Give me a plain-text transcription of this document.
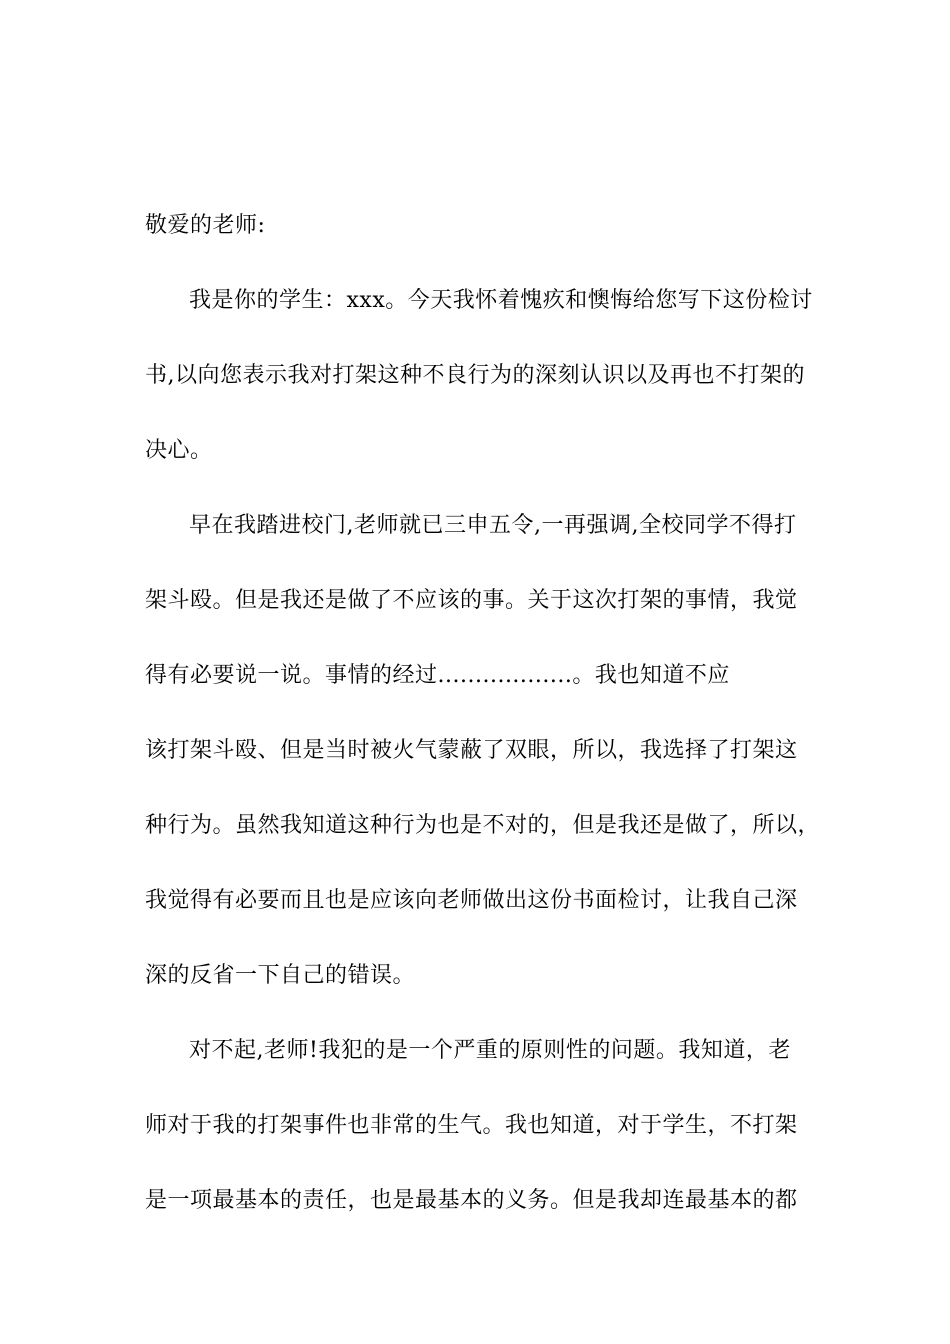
敬爱的老师:
我是你的学生：xxx。今天我怀着愧疚和懊悔给您写下这份检讨
书,以向您表示我对打架这种不良行为的深刻认识以及再也不打架的
决心。
早在我踏进校门,老师就已三申五令,一再强调,全校同学不得打
架斗殴。但是我还是做了不应该的事。关于这次打架的事情，我觉
得有必要说一说。事情的经过..................。我也知道不应
该打架斗殴、但是当时被火气蒙蔽了双眼，所以，我选择了打架这
种行为。虽然我知道这种行为也是不对的，但是我还是做了，所以，
我觉得有必要而且也是应该向老师做出这份书面检讨，让我自己深
深的反省一下自己的错误。
对不起,老师!我犯的是一个严重的原则性的问题。我知道，老
师对于我的打架事件也非常的生气。我也知道，对于学生，不打架
是一项最基本的责任，也是最基本的义务。但是我却连最基本的都
